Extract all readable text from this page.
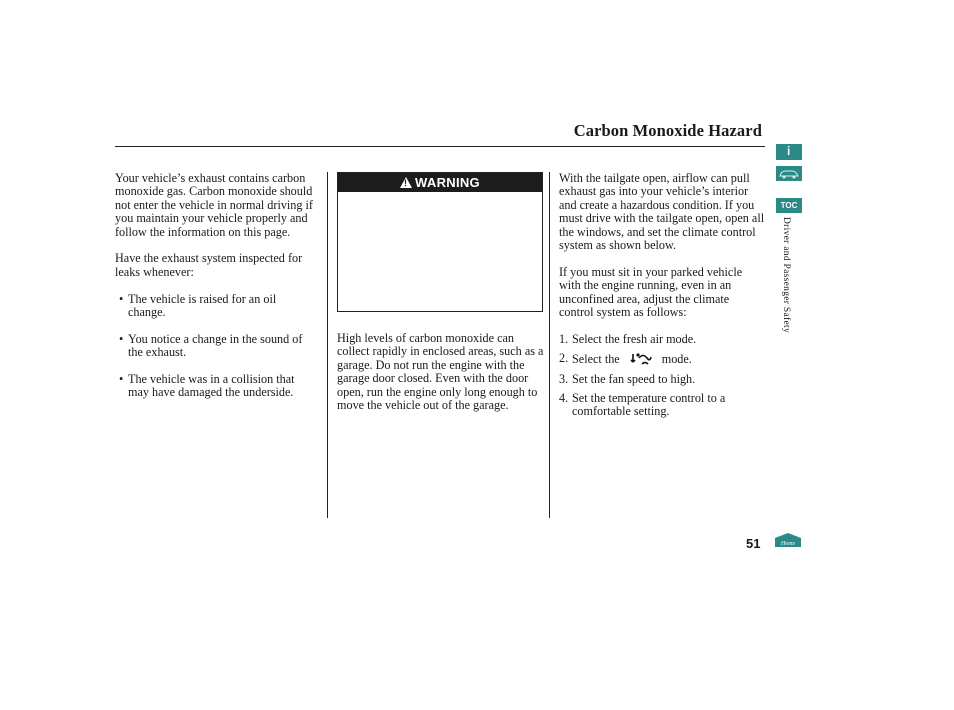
Carbon Monoxide Hazard

Your vehicle’s exhaust contains carbon monoxide gas. Carbon monoxide should not enter the vehicle in normal driving if you maintain your vehicle properly and follow the information on this page.

Have the exhaust system inspected for leaks whenever:

• The vehicle is raised for an oil change.
• You notice a change in the sound of the exhaust.
• The vehicle was in a collision that may have damaged the underside.
!
WARNING

High levels of carbon monoxide can collect rapidly in enclosed areas, such as a garage. Do not run the engine with the garage door closed. Even with the door open, run the engine only long enough to move the vehicle out of the garage.

With the tailgate open, airflow can pull exhaust gas into your vehicle’s interior and create a hazardous condition. If you must drive with the tailgate open, open all the windows, and set the climate control system as shown below.

If you must sit in your parked vehicle with the engine running, even in an unconfined area, adjust the climate control system as follows:

1. Select the fresh air mode.
2. Select the	mode.
3. Set the fan speed to high.
4. Set the temperature control to a comfortable setting.
i
TOC
Driver and Passenger Safety
51	Home
